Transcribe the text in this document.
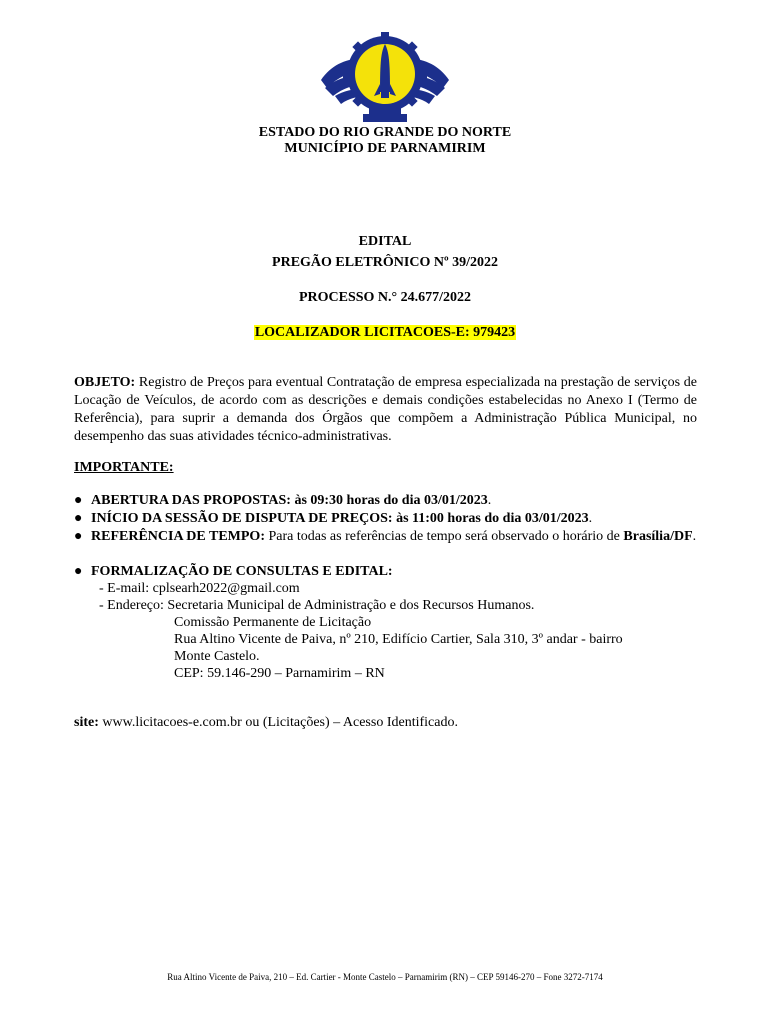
ESTADO DO RIO GRANDE DO NORTE
MUNICÍPIO DE PARNAMIRIM
EDITAL
PREGÃO ELETRÔNICO Nº 39/2022
PROCESSO N.° 24.677/2022
LOCALIZADOR LICITACOES-E: 979423
OBJETO: Registro de Preços para eventual Contratação de empresa especializada na prestação de serviços de Locação de Veículos, de acordo com as descrições e demais condições estabelecidas no Anexo I (Termo de Referência), para suprir a demanda dos Órgãos que compõem a Administração Pública Municipal, no desempenho das suas atividades técnico-administrativas.
IMPORTANTE:
● ABERTURA DAS PROPOSTAS: às 09:30 horas do dia 03/01/2023.
● INÍCIO DA SESSÃO DE DISPUTA DE PREÇOS: às 11:00 horas do dia 03/01/2023.
● REFERÊNCIA DE TEMPO: Para todas as referências de tempo será observado o horário de Brasília/DF.
● FORMALIZAÇÃO DE CONSULTAS E EDITAL:
- E-mail: cplsearh2022@gmail.com
- Endereço: Secretaria Municipal de Administração e dos Recursos Humanos.
Comissão Permanente de Licitação
Rua Altino Vicente de Paiva, nº 210, Edifício Cartier, Sala 310, 3º andar - bairro
Monte Castelo.
CEP: 59.146-290 – Parnamirim – RN
site: www.licitacoes-e.com.br ou (Licitações) – Acesso Identificado.
Rua Altino Vicente de Paiva, 210 – Ed. Cartier - Monte Castelo – Parnamirim (RN) – CEP 59146-270 – Fone 3272-7174
